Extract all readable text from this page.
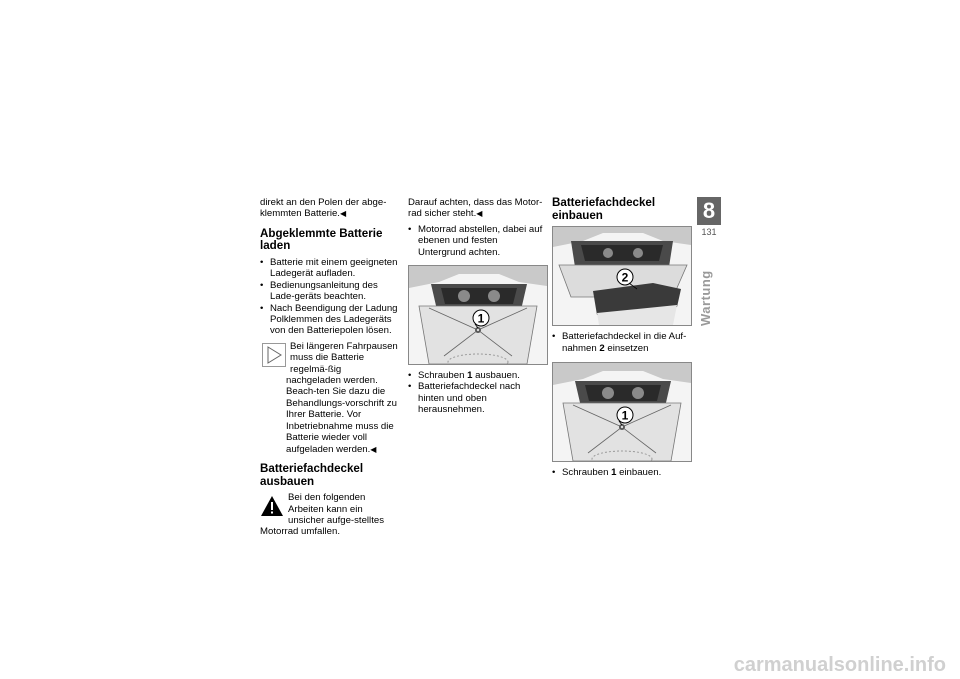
direkt an den Polen der abge-klemmten Batterie.◀

Abgeklemmte Batterie
laden
• Batterie mit einem geeigneten Ladegerät aufladen.
• Bedienungsanleitung des Lade-geräts beachten.
• Nach Beendigung der Ladung Polklemmen des Ladegeräts von den Batteriepolen lösen.

Bei längeren Fahrpausen muss die Batterie regelmä-ßig nachgeladen werden. Beach-ten Sie dazu die Behandlungs-vorschrift zu Ihrer Batterie. Vor Inbetriebnahme muss die Batterie wieder voll aufgeladen werden.◀

Batteriefachdeckel
ausbauen

Bei den folgenden Arbeiten kann ein unsicher aufge-stelltes Motorrad umfallen.

Darauf achten, dass das Motor-rad sicher steht.◀

• Motorrad abstellen, dabei auf ebenen und festen Untergrund achten.
1
• Schrauben 1 ausbauen.
• Batteriefachdeckel nach hinten und oben herausnehmen.
Batteriefachdeckel
einbauen
2
• Batteriefachdeckel in die Auf-nahmen 2 einsetzen
1
• Schrauben 1 einbauen.
8
131
Wartung
carmanualsonline.info
